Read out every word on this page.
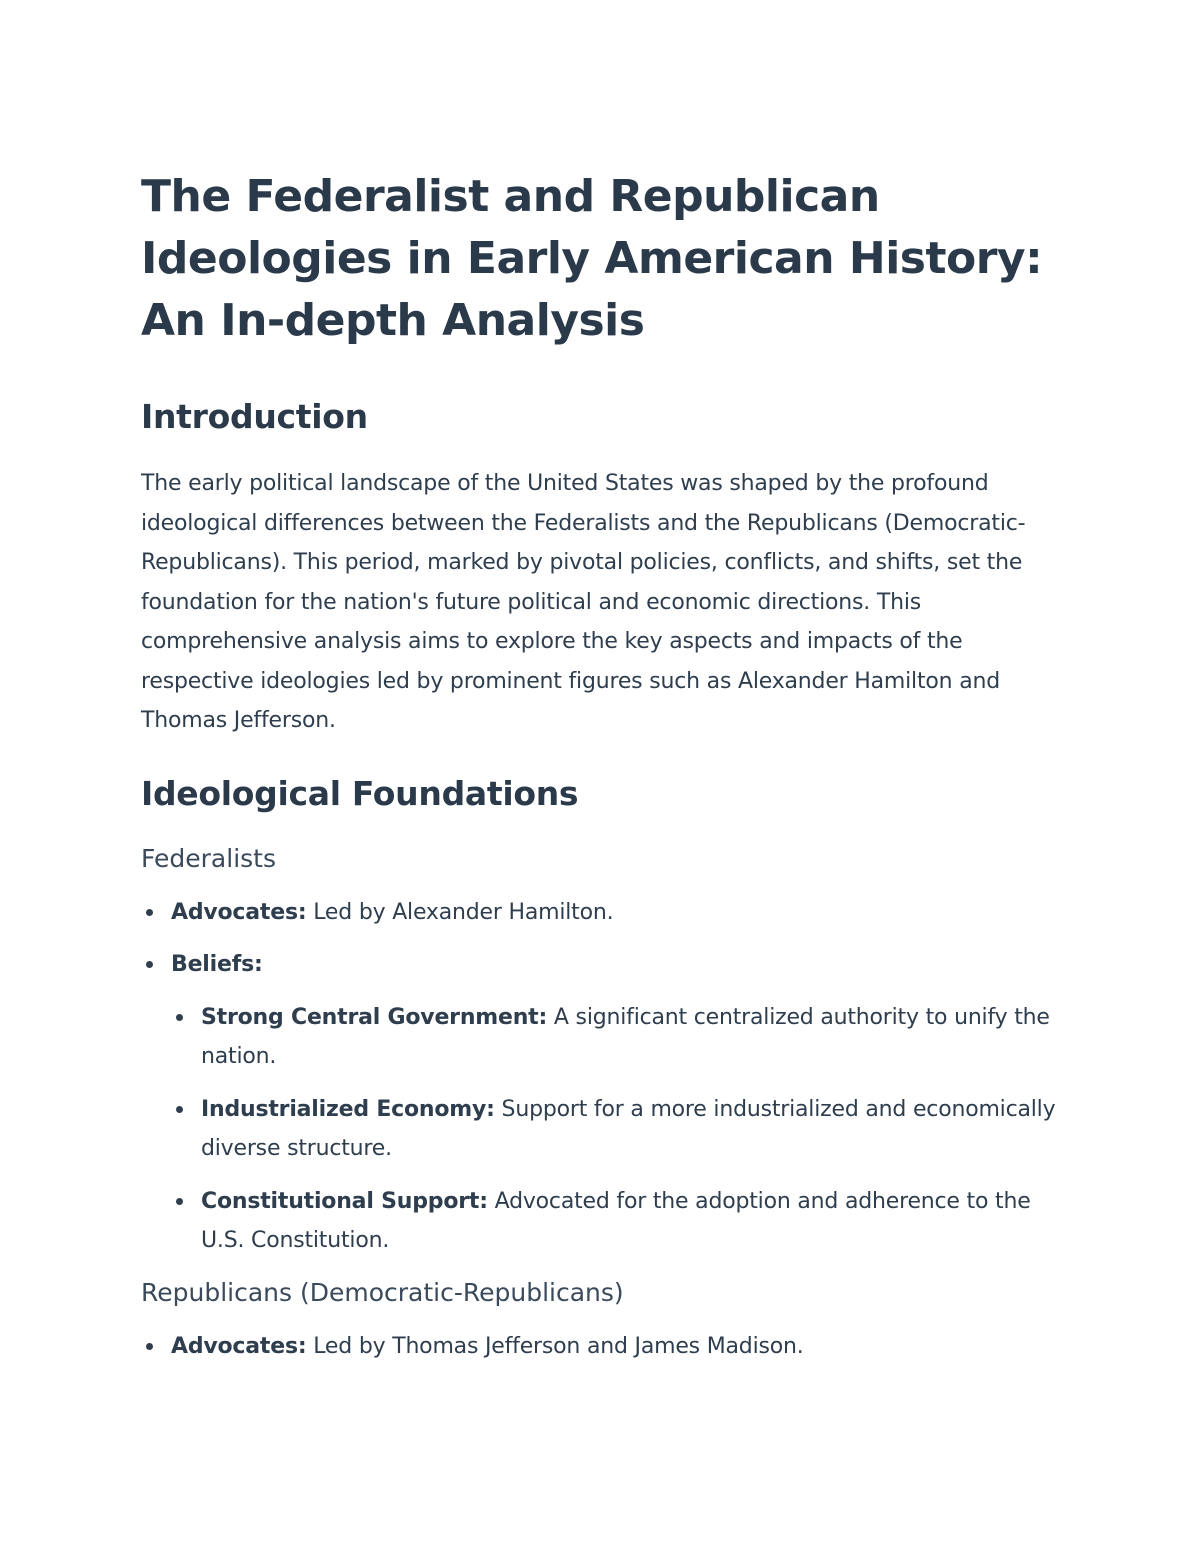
The Federalist and Republican Ideologies in Early American History: An In-depth Analysis
Introduction

The early political landscape of the United States was shaped by the profound ideological differences between the Federalists and the Republicans (Democratic-Republicans). This period, marked by pivotal policies, conflicts, and shifts, set the foundation for the nation's future political and economic directions. This comprehensive analysis aims to explore the key aspects and impacts of the respective ideologies led by prominent figures such as Alexander Hamilton and Thomas Jefferson.

Ideological Foundations
Federalists
Advocates: Led by Alexander Hamilton.
Beliefs:
Strong Central Government: A significant centralized authority to unify the nation.
Industrialized Economy: Support for a more industrialized and economically diverse structure.
Constitutional Support: Advocated for the adoption and adherence to the U.S. Constitution.
Republicans (Democratic-Republicans)
Advocates: Led by Thomas Jefferson and James Madison.
